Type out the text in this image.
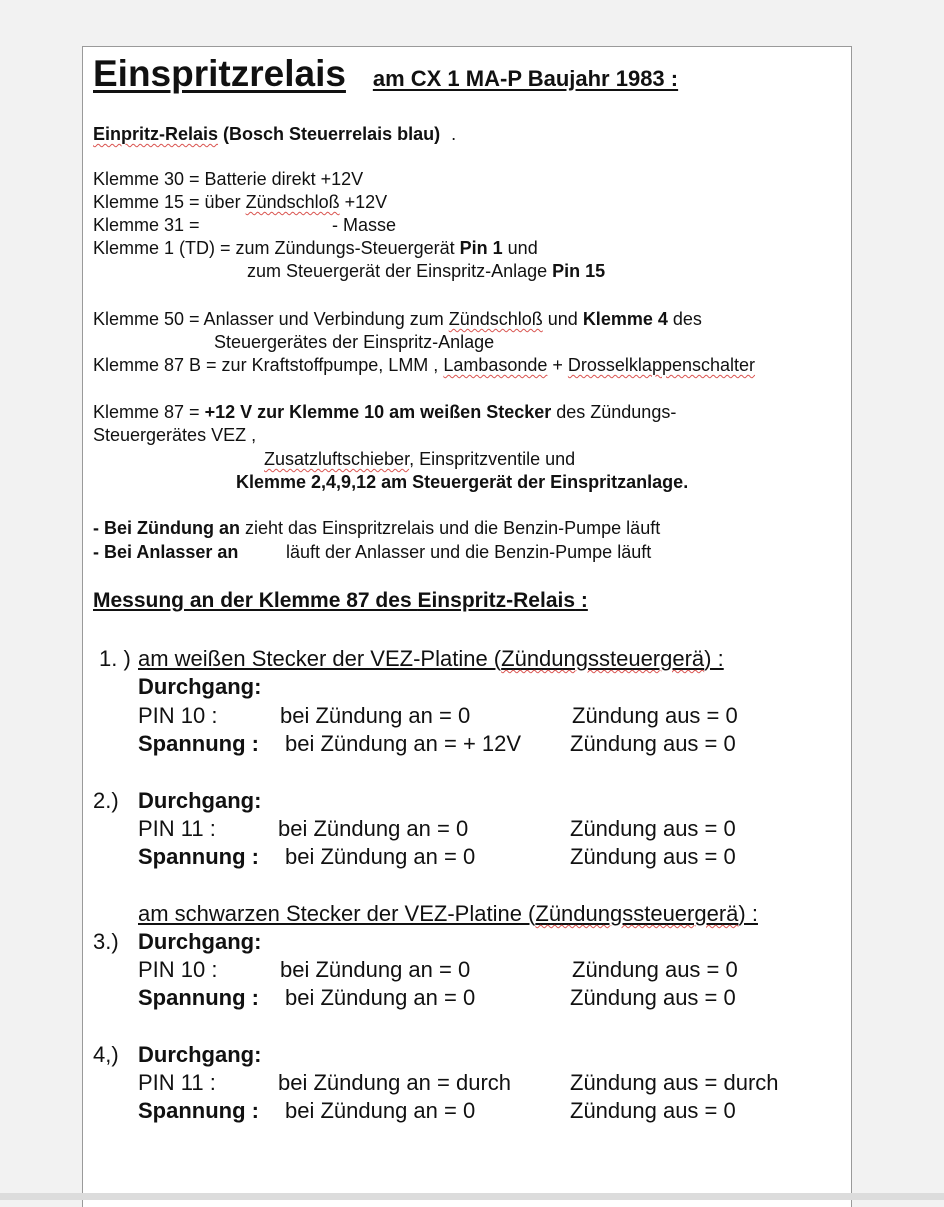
Einspritzrelais am CX 1 MA-P Baujahr 1983 :
Einpritz-Relais (Bosch Steuerrelais blau) .
Klemme 30 = Batterie direkt +12V
Klemme 15 = über Zündschloß +12V
Klemme 31 =	- Masse
Klemme 1 (TD) = zum Zündungs-Steuergerät Pin 1 und
zum Steuergerät der Einspritz-Anlage Pin 15
Klemme 50 = Anlasser und Verbindung zum Zündschloß und Klemme 4 des
Steuergerätes der Einspritz-Anlage
Klemme 87 B = zur Kraftstoffpumpe, LMM , Lambasonde + Drosselklappenschalter
Klemme 87 = +12 V zur Klemme 10 am weißen Stecker des Zündungs-
Steuergerätes VEZ ,
Zusatzluftschieber, Einspritzventile und
Klemme 2,4,9,12 am Steuergerät der Einspritzanlage.
- Bei Zündung an zieht das Einspritzrelais und die Benzin-Pumpe läuft
- Bei Anlasser an	läuft der Anlasser und die Benzin-Pumpe läuft
Messung an der Klemme 87 des Einspritz-Relais :
1. ) am weißen Stecker der VEZ-Platine (Zündungssteuergerä) :
Durchgang:
PIN 10 :	bei Zündung an = 0	Zündung aus = 0
Spannung : bei Zündung an = + 12V Zündung aus = 0
2.) Durchgang:
PIN 11 :	bei Zündung an = 0	Zündung aus = 0
Spannung : bei Zündung an = 0	Zündung aus = 0
am schwarzen Stecker der VEZ-Platine (Zündungssteuergerä) :
3.) Durchgang:
PIN 10 :	bei Zündung an = 0	Zündung aus = 0
Spannung : bei Zündung an = 0	Zündung aus = 0
4,) Durchgang:
PIN 11 :	bei Zündung an = durch	Zündung aus = durch
Spannung : bei Zündung an = 0	Zündung aus = 0
